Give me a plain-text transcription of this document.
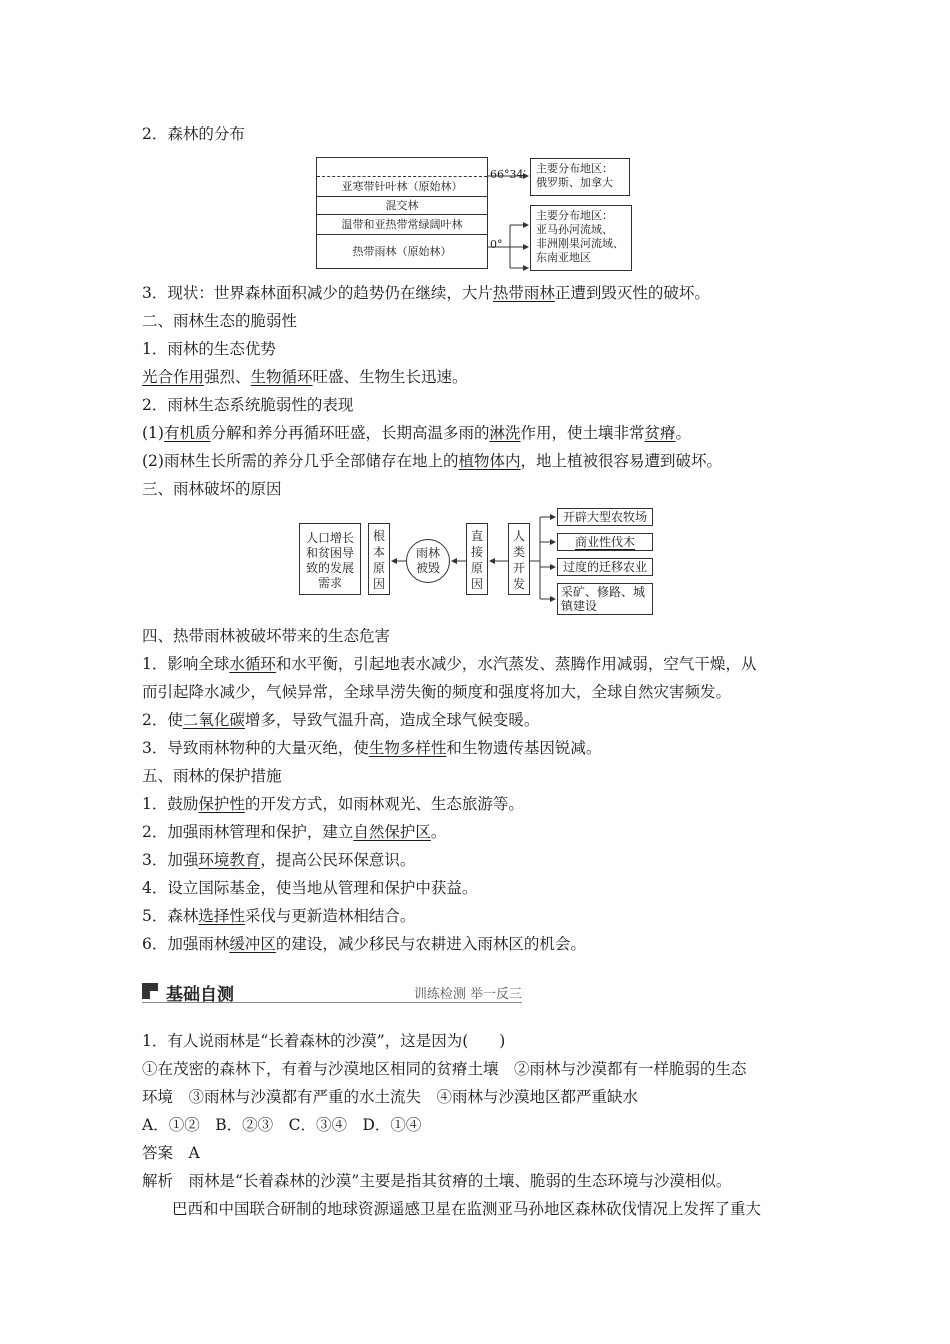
2．森林的分布
亚寒带针叶林（原始林）
混交林
温带和亚热带常绿阔叶林
热带雨林（原始林）
66°34′
0°
主要分布地区：
俄罗斯、加拿大
主要分布地区：
亚马孙河流域、
非洲刚果河流域、
东南亚地区
3．现状：世界森林面积减少的趋势仍在继续，大片热带雨林正遭到毁灭性的破坏。
二、雨林生态的脆弱性
1．雨林的生态优势
光合作用强烈、生物循环旺盛、生物生长迅速。
2．雨林生态系统脆弱性的表现
(1)有机质分解和养分再循环旺盛，长期高温多雨的淋洗作用，使土壤非常贫瘠。
(2)雨林生长所需的养分几乎全部储存在地上的植物体内，地上植被很容易遭到破坏。
三、雨林破坏的原因
人口增长
和贫困导
致的发展
需求
根
本
原
因
雨林
被毁
直
接
原
因
人
类
开
发
开辟大型农牧场
商业性伐木
过度的迁移农业
采矿、修路、城
镇建设
四、热带雨林被破坏带来的生态危害
1．影响全球水循环和水平衡，引起地表水减少，水汽蒸发、蒸腾作用减弱，空气干燥，从
而引起降水减少，气候异常，全球旱涝失衡的频度和强度将加大，全球自然灾害频发。
2．使二氧化碳增多，导致气温升高，造成全球气候变暖。
3．导致雨林物种的大量灭绝，使生物多样性和生物遗传基因锐减。
五、雨林的保护措施
1．鼓励保护性的开发方式，如雨林观光、生态旅游等。
2．加强雨林管理和保护，建立自然保护区。
3．加强环境教育，提高公民环保意识。
4．设立国际基金，使当地从管理和保护中获益。
5．森林选择性采伐与更新造林相结合。
6．加强雨林缓冲区的建设，减少移民与农耕进入雨林区的机会。
基础自测	训练检测 举一反三
1．有人说雨林是“长着森林的沙漠”，这是因为(　　)
①在茂密的森林下，有着与沙漠地区相同的贫瘠土壤　②雨林与沙漠都有一样脆弱的生态
环境　③雨林与沙漠都有严重的水土流失　④雨林与沙漠地区都严重缺水
A．①②　B．②③　C．③④　D．①④
答案　A
解析　雨林是“长着森林的沙漠”主要是指其贫瘠的土壤、脆弱的生态环境与沙漠相似。
巴西和中国联合研制的地球资源遥感卫星在监测亚马孙地区森林砍伐情况上发挥了重大
